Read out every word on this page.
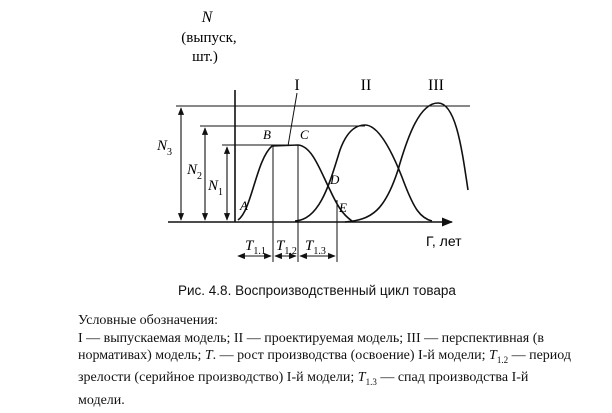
N
(выпуск,
шт.)
I	II	III
A
B C
D
E
$N_3$
$N_2$
$N_1$
$T_{1.1}$ $T_{1.2}$ $T_{1.3}$
Г, лет
Рис. 4.8. Воспроизводственный цикл товара

Условные обозначения:

I — выпускаемая модель; II — проектируемая модель; III — перспективная (в нормативах) модель; T. — рост производства (освоение) I-й модели; $T_{1.2}$ — период зрелости (серийное производство) I-й модели; $T_{1.3}$ — спад производства I-й модели.
